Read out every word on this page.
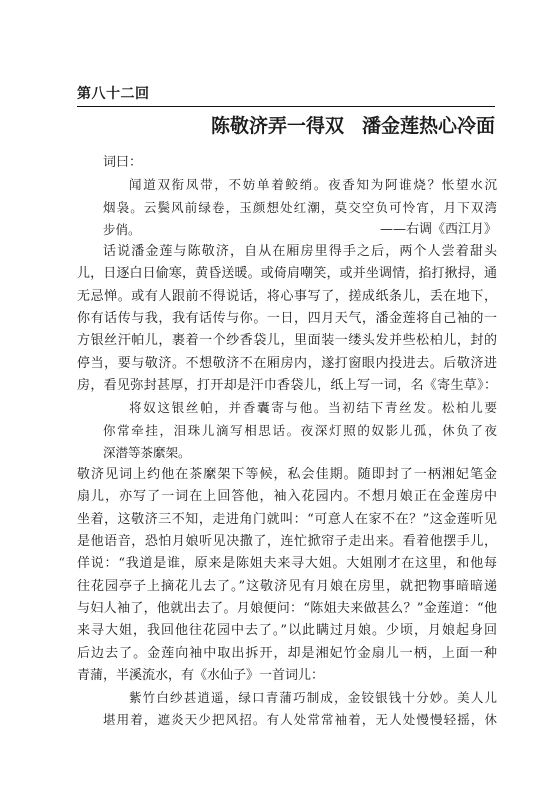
第八十二回
陈敬济弄一得双 潘金莲热心冷面
词曰：
闻道双衔凤带，不妨单着鲛绡。夜香知为阿谁烧？怅望水沉
烟袅。云鬓风前绿卷，玉颜想处红潮，莫交空负可怜宵，月下双湾
步俏。	——右调《西江月》
话说潘金莲与陈敬济，自从在厢房里得手之后，两个人尝着甜头
儿，日逐白日偷寒，黄昏送暖。或倚肩嘲笑，或并坐调情，掐打揪挦，通
无忌惮。或有人跟前不得说话，将心事写了，搓成纸条儿，丢在地下，
你有话传与我，我有话传与你。一日，四月天气，潘金莲将自己袖的一
方银丝汗帕儿，裹着一个纱香袋儿，里面装一缕头发并些松柏儿，封的
停当，要与敬济。不想敬济不在厢房内，遂打窗眼内投进去。后敬济进
房，看见弥封甚厚，打开却是汗巾香袋儿，纸上写一词，名《寄生草》：
将奴这银丝帕，并香囊寄与他。当初结下青丝发。松柏儿要
你常牵挂，泪珠儿滴写相思话。夜深灯照的奴影儿孤，休负了夜
深潜等茶縻架。
敬济见词上约他在茶縻架下等候，私会佳期。随即封了一柄湘妃笔金
扇儿，亦写了一词在上回答他，袖入花园内。不想月娘正在金莲房中
坐着，这敬济三不知，走进角门就叫：“可意人在家不在？”这金莲听见
是他语音，恐怕月娘听见决撒了，连忙掀帘子走出来。看着他摆手儿，
佯说：“我道是谁，原来是陈姐夫来寻大姐。大姐刚才在这里，和他每
往花园亭子上摘花儿去了。”这敬济见有月娘在房里，就把物事暗暗递
与妇人袖了，他就出去了。月娘便问：“陈姐夫来做甚么？”金莲道：“他
来寻大姐，我回他往花园中去了。”以此瞒过月娘。少顷，月娘起身回
后边去了。金莲向袖中取出拆开，却是湘妃竹金扇儿一柄，上面一种
青蒲，半溪流水，有《水仙子》一首词儿：
紫竹白纱甚逍遥，绿口青蒲巧制成，金铰银钱十分妙。美人儿
堪用着，遮炎天少把风招。有人处常常袖着，无人处慢慢轻摇，休
